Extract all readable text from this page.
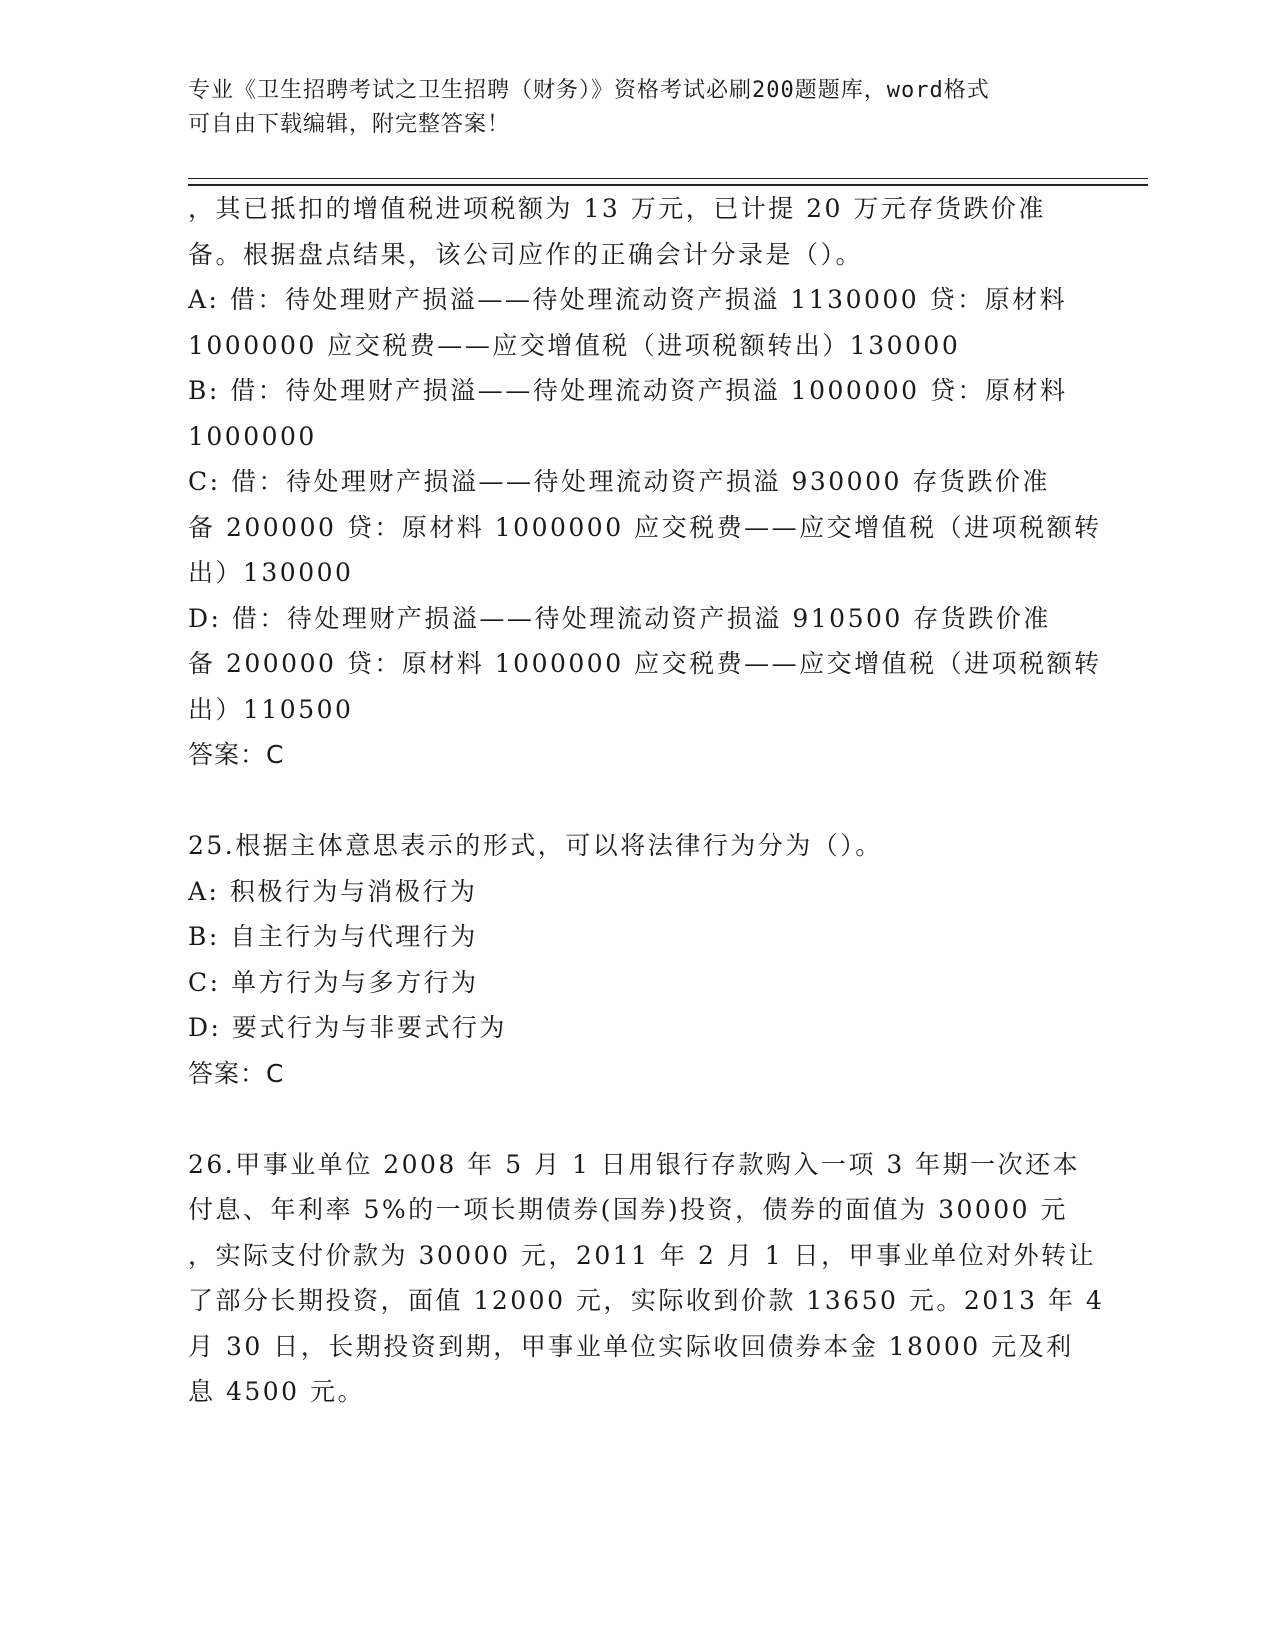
专业《卫生招聘考试之卫生招聘（财务）》资格考试必刷200题题库，word格式
可自由下载编辑，附完整答案！
，其已抵扣的增值税进项税额为 13 万元，已计提 20 万元存货跌价准
备。根据盘点结果，该公司应作的正确会计分录是（）。
A: 借：待处理财产损溢——待处理流动资产损溢 1130000 贷：原材料
1000000 应交税费——应交增值税（进项税额转出）130000
B: 借：待处理财产损溢——待处理流动资产损溢 1000000 贷：原材料
1000000
C: 借：待处理财产损溢——待处理流动资产损溢 930000 存货跌价准
备 200000 贷：原材料 1000000 应交税费——应交增值税（进项税额转
出）130000
D: 借：待处理财产损溢——待处理流动资产损溢 910500 存货跌价准
备 200000 贷：原材料 1000000 应交税费——应交增值税（进项税额转
出）110500
答案：C
25.根据主体意思表示的形式，可以将法律行为分为（）。
A: 积极行为与消极行为
B: 自主行为与代理行为
C: 单方行为与多方行为
D: 要式行为与非要式行为
答案：C
26.甲事业单位 2008 年 5 月 1 日用银行存款购入一项 3 年期一次还本
付息、年利率 5%的一项长期债券(国券)投资，债券的面值为 30000 元
，实际支付价款为 30000 元，2011 年 2 月 1 日，甲事业单位对外转让
了部分长期投资，面值 12000 元，实际收到价款 13650 元。2013 年 4
月 30 日，长期投资到期，甲事业单位实际收回债券本金 18000 元及利
息 4500 元。
